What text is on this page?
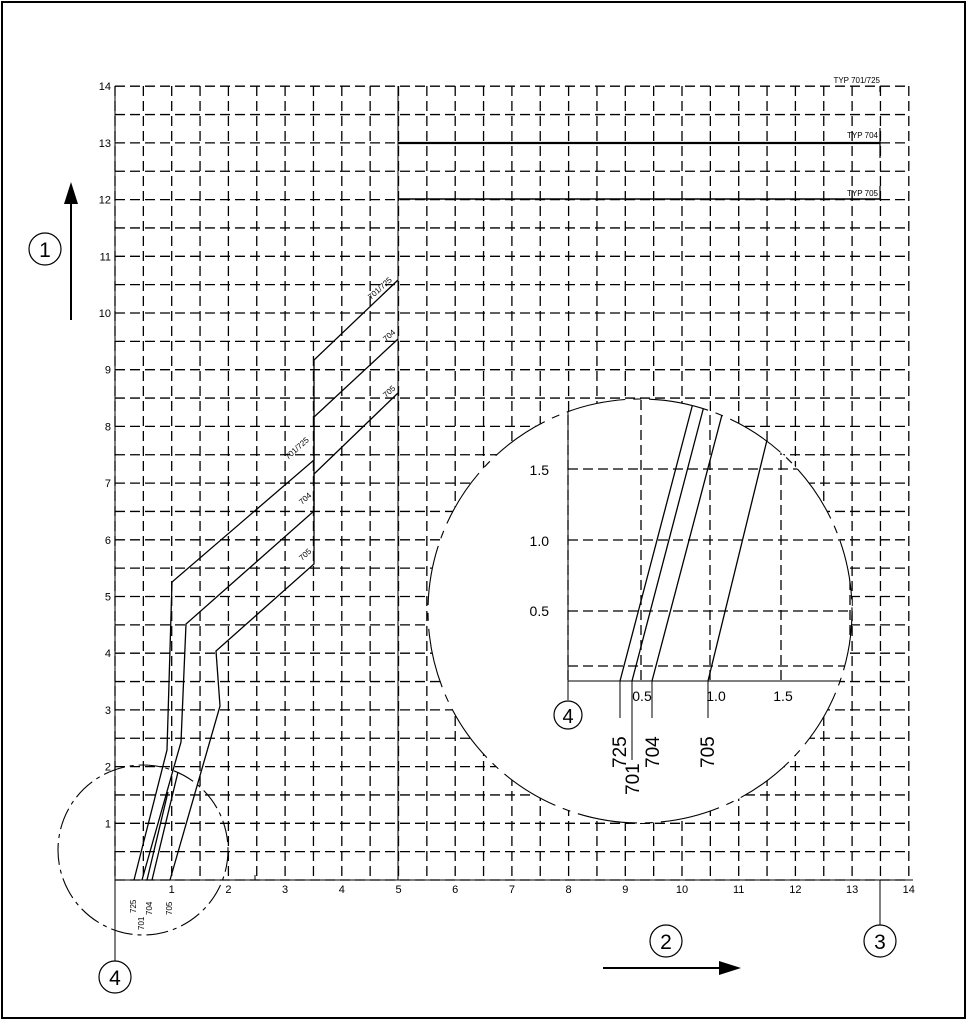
1	2	3	4	5	6	7	8	9	10	11	12	13	14
1
2
3
4
5
6
7
8
9
10
11
12
13
14
TYP 701/725
TYP 704
TYP 705
701/725
704
705
701/725
704
705
725
701
704 705
1
2	3
4
4
1.5
1.0
0.5
0.5	1.0	1.5
725
701
704 705
